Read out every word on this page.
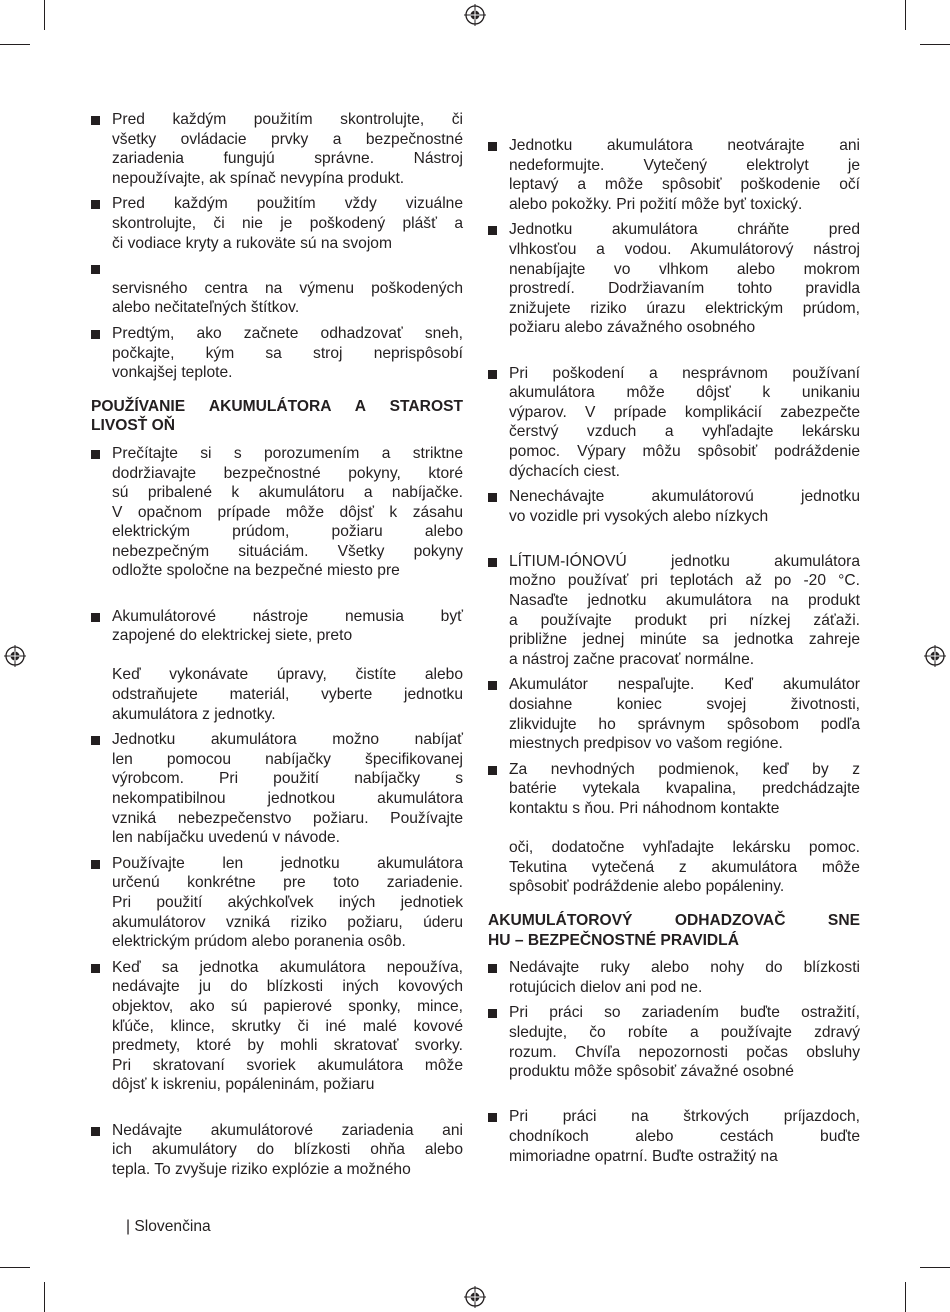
Pred každým použitím skontrolujte, či
všetky ovládacie prvky a bezpečnostné
zariadenia fungujú správne. Nástroj
nepoužívajte, ak spínač nevypína produkt.
Pred každým použitím vždy vizuálne
skontrolujte, či nie je poškodený plášť a
či vodiace kryty a rukoväte sú na svojom
servisného centra na výmenu poškodených
alebo nečitateľných štítkov.
Predtým, ako začnete odhadzovať sneh,
počkajte, kým sa stroj neprispôsobí
vonkajšej teplote.
POUŽÍVANIE AKUMULÁTORA A STAROST
LIVOSŤ OŇ
Prečítajte si s porozumením a striktne
dodržiavajte bezpečnostné pokyny, ktoré
sú pribalené k akumulátoru a nabíjačke.
V opačnom prípade môže dôjsť k zásahu
elektrickým prúdom, požiaru alebo
nebezpečným situáciám. Všetky pokyny
odložte spoločne na bezpečné miesto pre
Akumulátorové nástroje nemusia byť
zapojené do elektrickej siete, preto
Keď vykonávate úpravy, čistíte alebo
odstraňujete materiál, vyberte jednotku
akumulátora z jednotky.
Jednotku akumulátora možno nabíjať
len pomocou nabíjačky špecifikovanej
výrobcom. Pri použití nabíjačky s
nekompatibilnou jednotkou akumulátora
vzniká nebezpečenstvo požiaru. Používajte
len nabíjačku uvedenú v návode.
Používajte len jednotku akumulátora
určenú konkrétne pre toto zariadenie.
Pri použití akýchkoľvek iných jednotiek
akumulátorov vzniká riziko požiaru, úderu
elektrickým prúdom alebo poranenia osôb.
Keď sa jednotka akumulátora nepoužíva,
nedávajte ju do blízkosti iných kovových
objektov, ako sú papierové sponky, mince,
kľúče, klince, skrutky či iné malé kovové
predmety, ktoré by mohli skratovať svorky.
Pri skratovaní svoriek akumulátora môže
dôjsť k iskreniu, popáleninám, požiaru
Nedávajte akumulátorové zariadenia ani
ich akumulátory do blízkosti ohňa alebo
tepla. To zvyšuje riziko explózie a možného
Jednotku akumulátora neotvárajte ani
nedeformujte. Vytečený elektrolyt je
leptavý a môže spôsobiť poškodenie očí
alebo pokožky. Pri požití môže byť toxický.
Jednotku akumulátora chráňte pred
vlhkosťou a vodou. Akumulátorový nástroj
nenabíjajte vo vlhkom alebo mokrom
prostredí. Dodržiavaním tohto pravidla
znižujete riziko úrazu elektrickým prúdom,
požiaru alebo závažného osobného
Pri poškodení a nesprávnom používaní
akumulátora môže dôjsť k unikaniu
výparov. V prípade komplikácií zabezpečte
čerstvý vzduch a vyhľadajte lekársku
pomoc. Výpary môžu spôsobiť podráždenie
dýchacích ciest.
Nenechávajte akumulátorovú jednotku
vo vozidle pri vysokých alebo nízkych
LÍTIUM-IÓNOVÚ jednotku akumulátora
možno používať pri teplotách až po -20 °C.
Nasaďte jednotku akumulátora na produkt
a používajte produkt pri nízkej záťaži.
približne jednej minúte sa jednotka zahreje
a nástroj začne pracovať normálne.
Akumulátor nespaľujte. Keď akumulátor
dosiahne koniec svojej životnosti,
zlikvidujte ho správnym spôsobom podľa
miestnych predpisov vo vašom regióne.
Za nevhodných podmienok, keď by z
batérie vytekala kvapalina, predchádzajte
kontaktu s ňou. Pri náhodnom kontakte
oči, dodatočne vyhľadajte lekársku pomoc.
Tekutina vytečená z akumulátora môže
spôsobiť podráždenie alebo popáleniny.
AKUMULÁTOROVÝ ODHADZOVAČ SNE
HU – BEZPEČNOSTNÉ PRAVIDLÁ
Nedávajte ruky alebo nohy do blízkosti
rotujúcich dielov ani pod ne.
Pri práci so zariadením buďte ostražití,
sledujte, čo robíte a používajte zdravý
rozum. Chvíľa nepozornosti počas obsluhy
produktu môže spôsobiť závažné osobné
Pri práci na štrkových príjazdoch,
chodníkoch alebo cestách buďte
mimoriadne opatrní. Buďte ostražitý na
| Slovenčina
